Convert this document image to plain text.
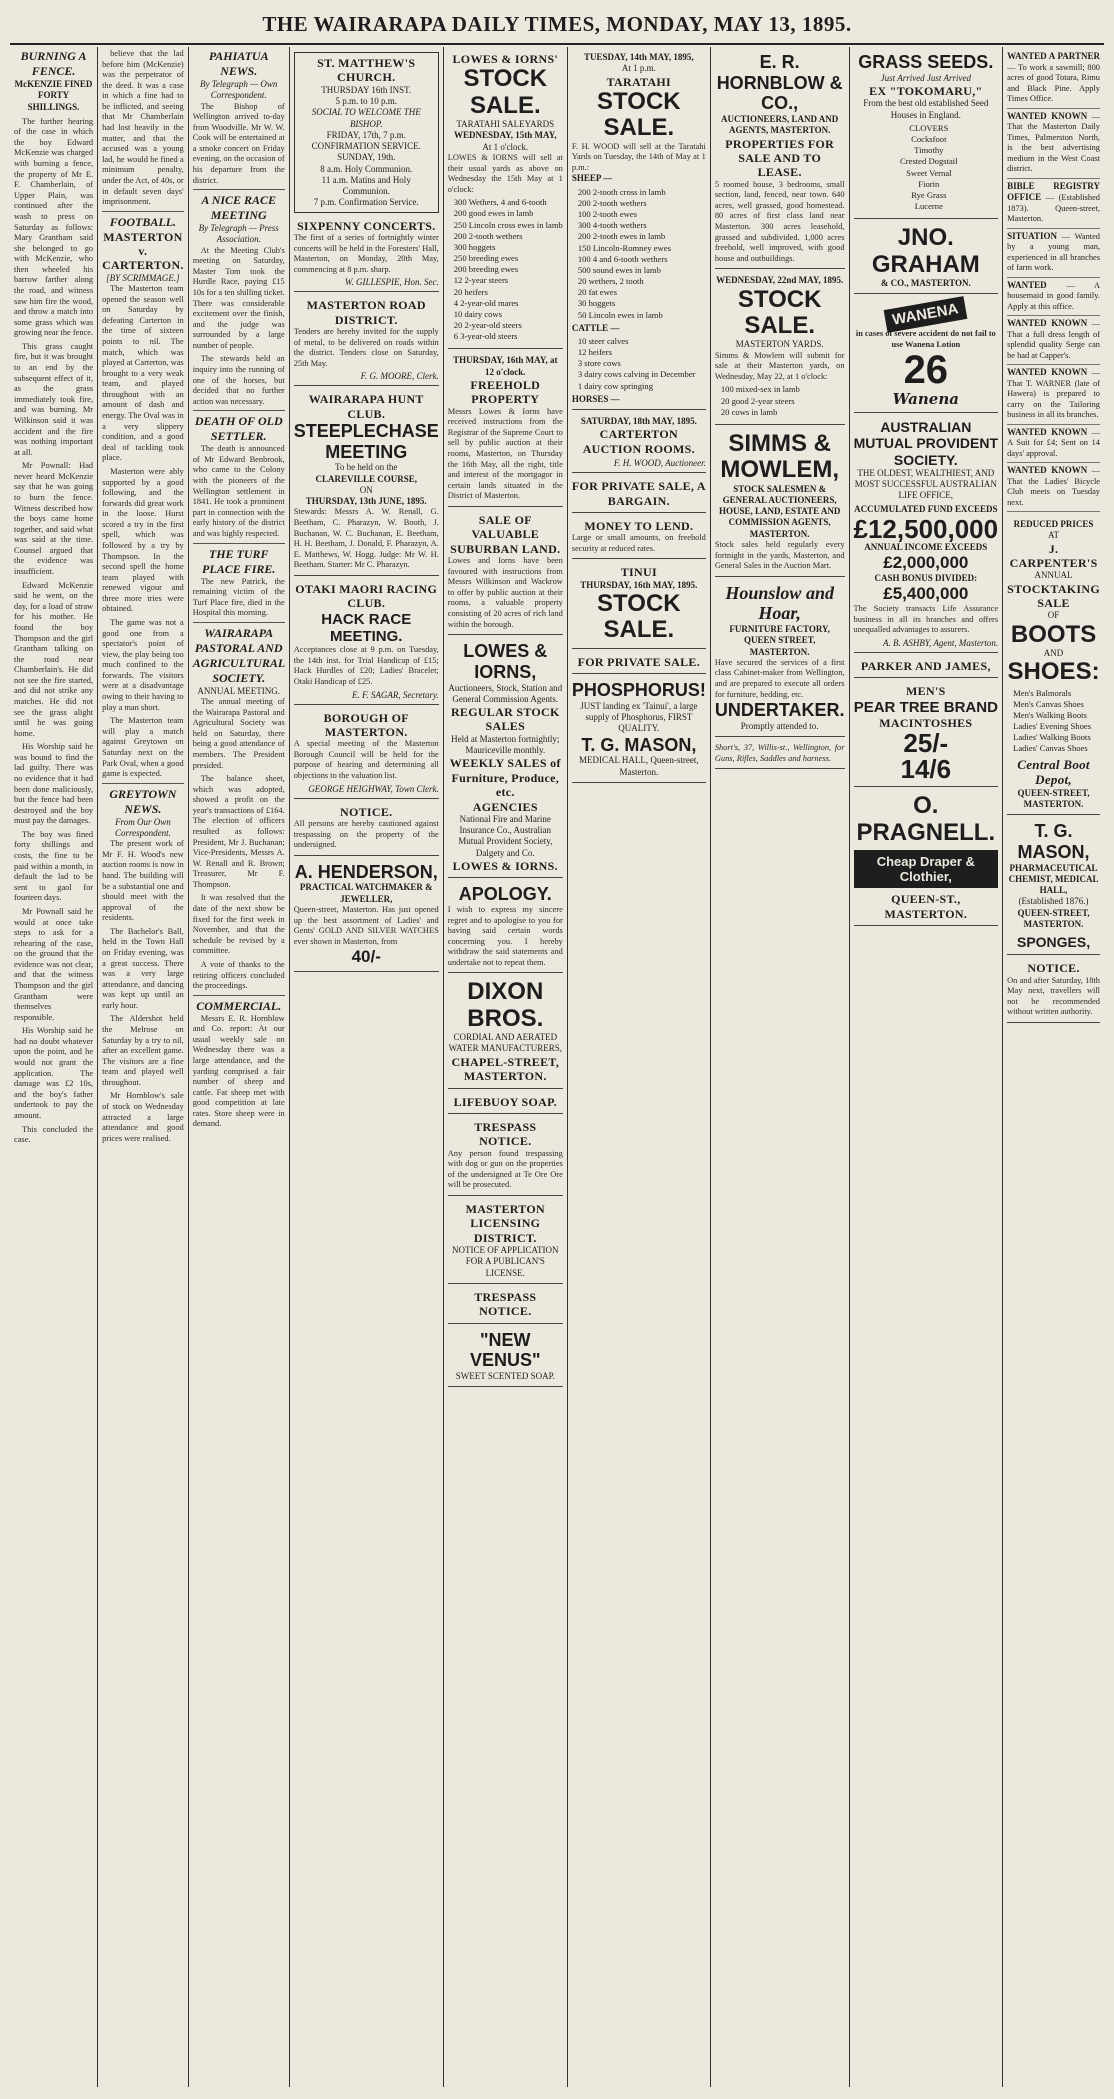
THE WAIRARAPA DAILY TIMES, MONDAY, MAY 13, 1895.
BURNING A FENCE.
McKENZIE FINED FORTY SHILLINGS.

The further hearing of the case in which the boy Edward McKenzie was charged with burning a fence, the property of Mr E. F. Chamberlain, of Upper Plain, was continued after the wash to press on Saturday as follows: Mary Grantham said she belonged to go with McKenzie, who then wheeled his barrow farther along the road, and witness saw him fire the wood, and throw a match into some grass which was growing near the fence.

This grass caught fire, but it was brought to an end by the subsequent effect of it, as the grass immediately took fire, and was burning. Mr Wilkinson said it was accident and the fire was nothing important at all.

Mr Pownall: Had never heard McKenzie say that he was going to burn the fence. Witness described how the boys came home together, and said what was said at the time. Counsel argued that the evidence was insufficient.

Edward McKenzie said he went, on the day, for a load of straw for his mother. He found the boy Thompson and the girl Grantham talking on the road near Chamberlain's. He did not see the fire started, and did not strike any matches. He did not see the grass alight until he was going home.

His Worship said he was bound to find the lad guilty. There was no evidence that it had been done maliciously, but the fence had been destroyed and the boy must pay the damages.

The boy was fined forty shillings and costs, the fine to be paid within a month, in default the lad to be sent to gaol for fourteen days.

Mr Pownall said he would at once take steps to ask for a rehearing of the case, on the ground that the evidence was not clear, and that the witness Thompson and the girl Grantham were themselves responsible.

His Worship said he had no doubt whatever upon the point, and he would not grant the application. The damage was £2 10s, and the boy's father undertook to pay the amount.

This concluded the case.

believe that the lad before him (McKenzie) was the perpetrator of the deed. It was a case in which a fine had to be inflicted, and seeing that Mr Chamberlain had lost heavily in the matter, and that the accused was a young lad, he would be fined a minimum penalty, under the Act, of 40s, or in default seven days' imprisonment.

FOOTBALL.
MASTERTON v. CARTERTON.
[BY SCRIMMAGE.]

The Masterton team opened the season well on Saturday by defeating Carterton in the time of sixteen points to nil. The match, which was played at Carterton, was brought to a very weak team, and played throughout with an amount of dash and energy. The Oval was in a very slippery condition, and a good deal of tackling took place.

Masterton were ably supported by a good following, and the forwards did great work in the loose. Hurst scored a try in the first spell, which was followed by a try by Thompson. In the second spell the home team played with renewed vigour and three more tries were obtained.

The game was not a good one from a spectator's point of view, the play being too much confined to the forwards. The visitors were at a disadvantage owing to their having to play a man short.

The Masterton team will play a match against Greytown on Saturday next on the Park Oval, when a good game is expected.

GREYTOWN NEWS.
From Our Own Correspondent.

The present work of Mr F. H. Wood's new auction rooms is now in hand. The building will be a substantial one and should meet with the approval of the residents.

The Bachelor's Ball, held in the Town Hall on Friday evening, was a great success. There was a very large attendance, and dancing was kept up until an early hour.

The Aldershot held the Melrose on Saturday by a try to nil, after an excellent game. The visitors are a fine team and played well throughout.

Mr Hornblow's sale of stock on Wednesday attracted a large attendance and good prices were realised.

PAHIATUA NEWS.
By Telegraph — Own Correspondent.

The Bishop of Wellington arrived to-day from Woodville. Mr W. W. Cook will be entertained at a smoke concert on Friday evening, on the occasion of his departure from the district.

A NICE RACE MEETING
By Telegraph — Press Association.

At the Meeting Club's meeting on Saturday, Master Tom took the Hurdle Race, paying £15 10s for a ten shilling ticket. There was considerable excitement over the finish, and the judge was surrounded by a large number of people.

The stewards held an inquiry into the running of one of the horses, but decided that no further action was necessary.

DEATH OF OLD SETTLER.

The death is announced of Mr Edward Benbrook, who came to the Colony with the pioneers of the Wellington settlement in 1841. He took a prominent part in connection with the early history of the district and was highly respected.

THE TURF PLACE FIRE.

The new Patrick, the remaining victim of the Turf Place fire, died in the Hospital this morning.

WAIRARAPA PASTORAL AND AGRICULTURAL SOCIETY.
ANNUAL MEETING.

The annual meeting of the Wairarapa Pastoral and Agricultural Society was held on Saturday, there being a good attendance of members. The President presided.

The balance sheet, which was adopted, showed a profit on the year's transactions of £164. The election of officers resulted as follows: President, Mr J. Buchanan; Vice-Presidents, Messrs A. W. Renall and R. Brown; Treasurer, Mr F. Thompson.

It was resolved that the date of the next show be fixed for the first week in November, and that the schedule be revised by a committee.

A vote of thanks to the retiring officers concluded the proceedings.

COMMERCIAL.

Messrs E. R. Hornblow and Co. report: At our usual weekly sale on Wednesday there was a large attendance, and the yarding comprised a fair number of sheep and cattle. Fat sheep met with good competition at late rates. Store sheep were in demand.

ST. MATTHEW'S CHURCH.
THURSDAY 16th INST.
5 p.m. to 10 p.m.
SOCIAL TO WELCOME THE BISHOP.
FRIDAY, 17th, 7 p.m.
CONFIRMATION SERVICE.
SUNDAY, 19th.
8 a.m. Holy Communion.
11 a.m. Matins and Holy Communion.
7 p.m. Confirmation Service.
SIXPENNY CONCERTS.
The first of a series of fortnightly winter concerts will be held in the Foresters' Hall, Masterton, on Monday, 20th May, commencing at 8 p.m. sharp.
W. GILLESPIE, Hon. Sec.
MASTERTON ROAD DISTRICT.
Tenders are hereby invited for the supply of metal, to be delivered on roads within the district. Tenders close on Saturday, 25th May.
F. G. MOORE, Clerk.
WAIRARAPA HUNT CLUB.
STEEPLECHASE MEETING
To be held on the
CLAREVILLE COURSE,
ON
THURSDAY, 13th JUNE, 1895.
Stewards: Messrs A. W. Renall, G. Beetham, C. Pharazyn, W. Booth, J. Buchanan, W. C. Buchanan, E. Beetham, H. H. Beetham, J. Donald, F. Pharazyn, A. E. Matthews, W. Hogg. Judge: Mr W. H. Beetham. Starter: Mr C. Pharazyn.
OTAKI MAORI RACING CLUB.
HACK RACE MEETING.
Acceptances close at 9 p.m. on Tuesday, the 14th inst. for Trial Handicap of £15; Hack Hurdles of £20; Ladies' Bracelet; Otaki Handicap of £25.
E. F. SAGAR, Secretary.
BOROUGH OF MASTERTON.
A special meeting of the Masterton Borough Council will be held for the purpose of hearing and determining all objections to the valuation list.
GEORGE HEIGHWAY, Town Clerk.
NOTICE.
All persons are hereby cautioned against trespassing on the property of the undersigned.
A. HENDERSON,
PRACTICAL WATCHMAKER & JEWELLER,
Queen-street, Masterton. Has just opened up the best assortment of Ladies' and Gents' GOLD AND SILVER WATCHES ever shown in Masterton, from
40/-
LOWES & IORNS'
STOCK SALE.
TARATAHI SALEYARDS
WEDNESDAY, 15th MAY,
At 1 o'clock.
LOWES & IORNS will sell at their usual yards as above on Wednesday the 15th May at 1 o'clock:
300 Wethers, 4 and 6-tooth
200 good ewes in lamb
250 Lincoln cross ewes in lamb
200 2-tooth wethers
300 hoggets
250 breeding ewes
200 breeding ewes
12 2-year steers
20 heifers
4 2-year-old mares
10 dairy cows
20 2-year-old steers
6 3-year-old steers
THURSDAY, 16th MAY, at 12 o'clock.
FREEHOLD PROPERTY
Messrs Lowes & Iorns have received instructions from the Registrar of the Supreme Court to sell by public auction at their rooms, Masterton, on Thursday the 16th May, all the right, title and interest of the mortgagor in certain lands situated in the District of Masterton.
SALE OF VALUABLE SUBURBAN LAND.
Lowes and Iorns have been favoured with instructions from Messrs Wilkinson and Wackrow to offer by public auction at their rooms, a valuable property consisting of 20 acres of rich land within the borough.
LOWES & IORNS,
Auctioneers, Stock, Station and General Commission Agents.
REGULAR STOCK SALES
Held at Masterton fortnightly; Mauriceville monthly.
WEEKLY SALES of Furniture, Produce, etc.
AGENCIES
National Fire and Marine Insurance Co., Australian Mutual Provident Society, Dalgety and Co.
LOWES & IORNS.
APOLOGY.
I wish to express my sincere regret and to apologise to you for having said certain words concerning you. I hereby withdraw the said statements and undertake not to repeat them.
DIXON BROS.
CORDIAL AND AERATED WATER MANUFACTURERS,
CHAPEL-STREET, MASTERTON.
LIFEBUOY SOAP.
TRESPASS NOTICE.
Any person found trespassing with dog or gun on the properties of the undersigned at Te Ore Ore will be prosecuted.
MASTERTON LICENSING DISTRICT.
NOTICE OF APPLICATION FOR A PUBLICAN'S LICENSE.
TRESPASS NOTICE.
"NEW VENUS"
SWEET SCENTED SOAP.
TUESDAY, 14th MAY, 1895,
At 1 p.m.
TARATAHI
STOCK SALE.
F. H. WOOD will sell at the Taratahi Yards on Tuesday, the 14th of May at 1 p.m.:
SHEEP —
200 2-tooth cross in lamb
200 2-tooth wethers
100 2-tooth ewes
300 4-tooth wethers
200 2-tooth ewes in lamb
150 Lincoln-Romney ewes
100 4 and 6-tooth wethers
500 sound ewes in lamb
20 wethers, 2 tooth
20 fat ewes
30 hoggets
50 Lincoln ewes in lamb
CATTLE —
10 steer calves
12 heifers
3 store cows
3 dairy cows calving in December
1 dairy cow springing
HORSES —
SATURDAY, 18th MAY, 1895.
CARTERTON AUCTION ROOMS.
F. H. WOOD, Auctioneer.
FOR PRIVATE SALE, A BARGAIN.
MONEY TO LEND.
Large or small amounts, on freehold security at reduced rates.
TINUI
THURSDAY, 16th MAY, 1895.
STOCK SALE.
FOR PRIVATE SALE.
PHOSPHORUS!
JUST landing ex 'Tainui', a large supply of Phosphorus, FIRST QUALITY.
T. G. MASON,
MEDICAL HALL, Queen-street, Masterton.
E. R. HORNBLOW & CO.,
AUCTIONEERS, LAND AND AGENTS, MASTERTON.
PROPERTIES FOR SALE AND TO LEASE.
5 roomed house, 3 bedrooms, small section, land, fenced, near town. 640 acres, well grassed, good homestead. 80 acres of first class land near Masterton. 300 acres leasehold, grassed and subdivided. 1,000 acres freehold, well improved, with good house and outbuildings.
WEDNESDAY, 22nd MAY, 1895.
STOCK SALE.
MASTERTON YARDS.
Simms & Mowlem will submit for sale at their Masterton yards, on Wednesday, May 22, at 1 o'clock:
100 mixed-sex in lamb
20 good 2-year steers
20 cows in lamb
SIMMS & MOWLEM,
STOCK SALESMEN & GENERAL AUCTIONEERS, HOUSE, LAND, ESTATE AND COMMISSION AGENTS, MASTERTON.
Stock sales held regularly every fortnight in the yards, Masterton, and General Sales in the Auction Mart.
Hounslow and Hoar,
FURNITURE FACTORY, QUEEN STREET, MASTERTON.
Have secured the services of a first class Cabinet-maker from Wellington, and are prepared to execute all orders for furniture, bedding, etc.
UNDERTAKER.
Promptly attended to.
Short's, 37, Willis-st., Wellington, for Guns, Rifles, Saddles and harness.
GRASS SEEDS.
Just Arrived Just Arrived
EX "TOKOMARU,"
From the best old established Seed Houses in England.
CLOVERS
Cocksfoot
Timothy
Crested Dogstail
Sweet Vernal
Fiorin
Rye Grass
Lucerne
JNO. GRAHAM
& CO., MASTERTON.
WANENA
in cases of severe accident do not fail to use Wanena Lotion
26
Wanena
AUSTRALIAN MUTUAL PROVIDENT SOCIETY.
THE OLDEST, WEALTHIEST, AND MOST SUCCESSFUL AUSTRALIAN LIFE OFFICE,
ACCUMULATED FUND EXCEEDS
£12,500,000
ANNUAL INCOME EXCEEDS
£2,000,000
CASH BONUS DIVIDED:
£5,400,000
The Society transacts Life Assurance business in all its branches and offers unequalled advantages to assurers.
A. B. ASHBY, Agent, Masterton.
PARKER AND JAMES,
MEN'S
PEAR TREE BRAND
MACINTOSHES
25/-
14/6
O. PRAGNELL.
Cheap Draper & Clothier,
QUEEN-ST., MASTERTON.
WANTED A PARTNER — To work a sawmill; 800 acres of good Totara, Rimu and Black Pine. Apply Times Office.
WANTED KNOWN — That the Masterton Daily Times, Palmerston North, is the best advertising medium in the West Coast district.
BIBLE REGISTRY OFFICE — (Established 1873). Queen-street, Masterton.
SITUATION — Wanted by a young man, experienced in all branches of farm work.
WANTED — A housemaid in good family. Apply at this office.
WANTED KNOWN — That a full dress length of splendid quality Serge can be had at Capper's.
WANTED KNOWN — That T. WARNER (late of Hawera) is prepared to carry on the Tailoring business in all its branches.
WANTED KNOWN — A Suit for £4; Sent on 14 days' approval.
WANTED KNOWN — That the Ladies' Bicycle Club meets on Tuesday next.
REDUCED PRICES
AT
J. CARPENTER'S
ANNUAL
STOCKTAKING SALE
OF
BOOTS
AND
SHOES:
Men's Balmorals
Men's Canvas Shoes
Men's Walking Boots
Ladies' Evening Shoes
Ladies' Walking Boots
Ladies' Canvas Shoes
Central Boot Depot,
QUEEN-STREET, MASTERTON.
T. G. MASON,
PHARMACEUTICAL CHEMIST, MEDICAL HALL,
(Established 1876.)
QUEEN-STREET, MASTERTON.
SPONGES,
NOTICE.
On and after Saturday, 18th May next, travellers will not be recommended without written authority.
